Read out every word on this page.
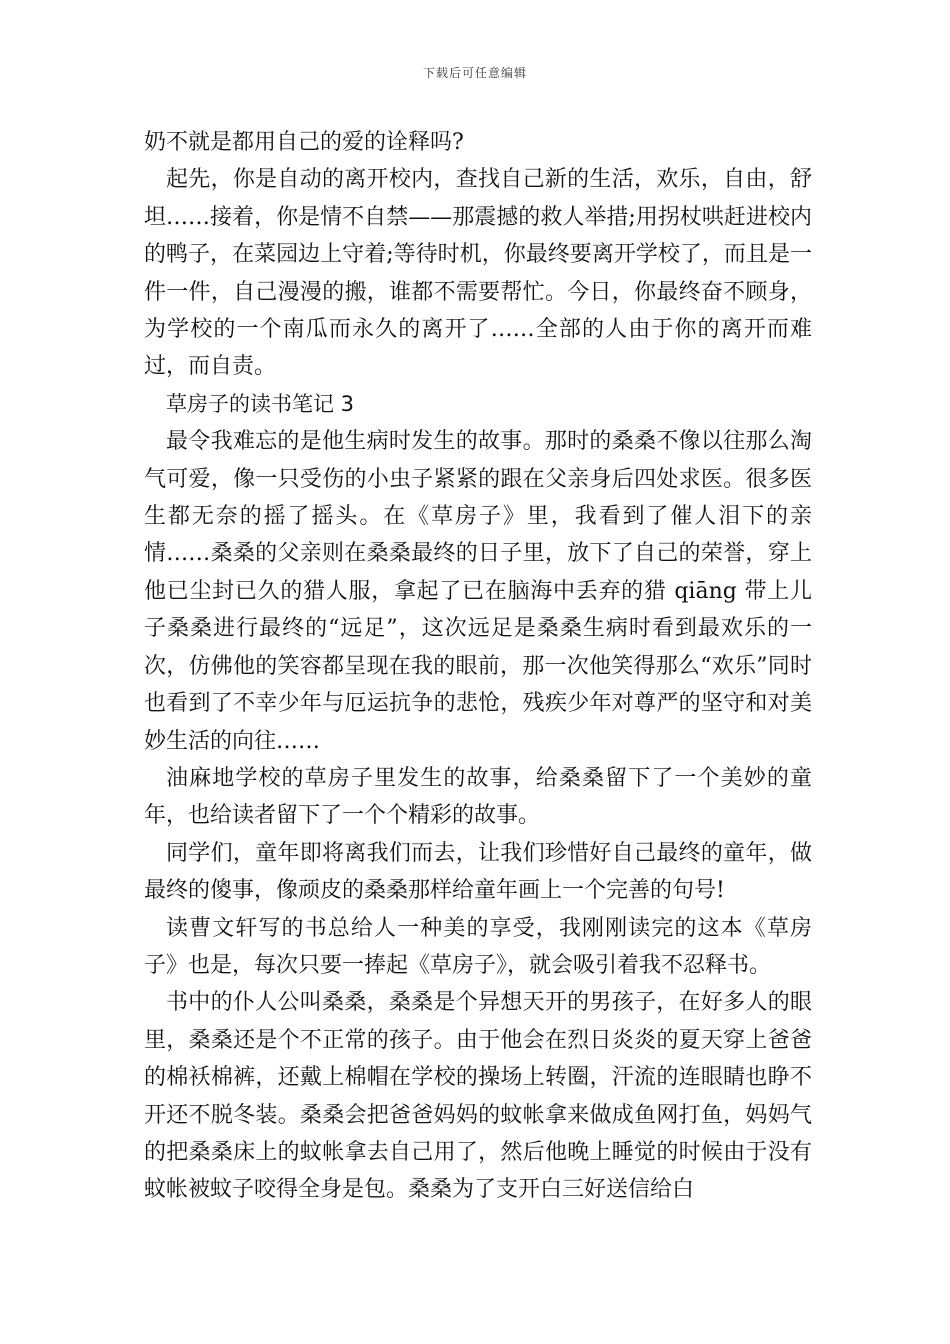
下载后可任意编辑

奶不就是都用自己的爱的诠释吗?

起先，你是自动的离开校内，查找自己新的生活，欢乐，自由，舒坦……接着，你是情不自禁——那震撼的救人举措;用拐杖哄赶进校内的鸭子，在菜园边上守着;等待时机，你最终要离开学校了，而且是一件一件，自己漫漫的搬，谁都不需要帮忙。今日，你最终奋不顾身，为学校的一个南瓜而永久的离开了……全部的人由于你的离开而难过，而自责。

草房子的读书笔记 3

最令我难忘的是他生病时发生的故事。那时的桑桑不像以往那么淘气可爱，像一只受伤的小虫子紧紧的跟在父亲身后四处求医。很多医生都无奈的摇了摇头。在《草房子》里，我看到了催人泪下的亲情……桑桑的父亲则在桑桑最终的日子里，放下了自己的荣誉，穿上他已尘封已久的猎人服，拿起了已在脑海中丢弃的猎 qiāng 带上儿子桑桑进行最终的“远足”，这次远足是桑桑生病时看到最欢乐的一次，仿佛他的笑容都呈现在我的眼前，那一次他笑得那么“欢乐”同时也看到了不幸少年与厄运抗争的悲怆，残疾少年对尊严的坚守和对美妙生活的向往……

油麻地学校的草房子里发生的故事，给桑桑留下了一个美妙的童年，也给读者留下了一个个精彩的故事。

同学们，童年即将离我们而去，让我们珍惜好自己最终的童年，做最终的傻事，像顽皮的桑桑那样给童年画上一个完善的句号!

读曹文轩写的书总给人一种美的享受，我刚刚读完的这本《草房子》也是，每次只要一捧起《草房子》，就会吸引着我不忍释书。

书中的仆人公叫桑桑，桑桑是个异想天开的男孩子，在好多人的眼里，桑桑还是个不正常的孩子。由于他会在烈日炎炎的夏天穿上爸爸的棉袄棉裤，还戴上棉帽在学校的操场上转圈，汗流的连眼睛也睁不开还不脱冬装。桑桑会把爸爸妈妈的蚊帐拿来做成鱼网打鱼，妈妈气的把桑桑床上的蚊帐拿去自己用了，然后他晚上睡觉的时候由于没有蚊帐被蚊子咬得全身是包。桑桑为了支开白三好送信给白
